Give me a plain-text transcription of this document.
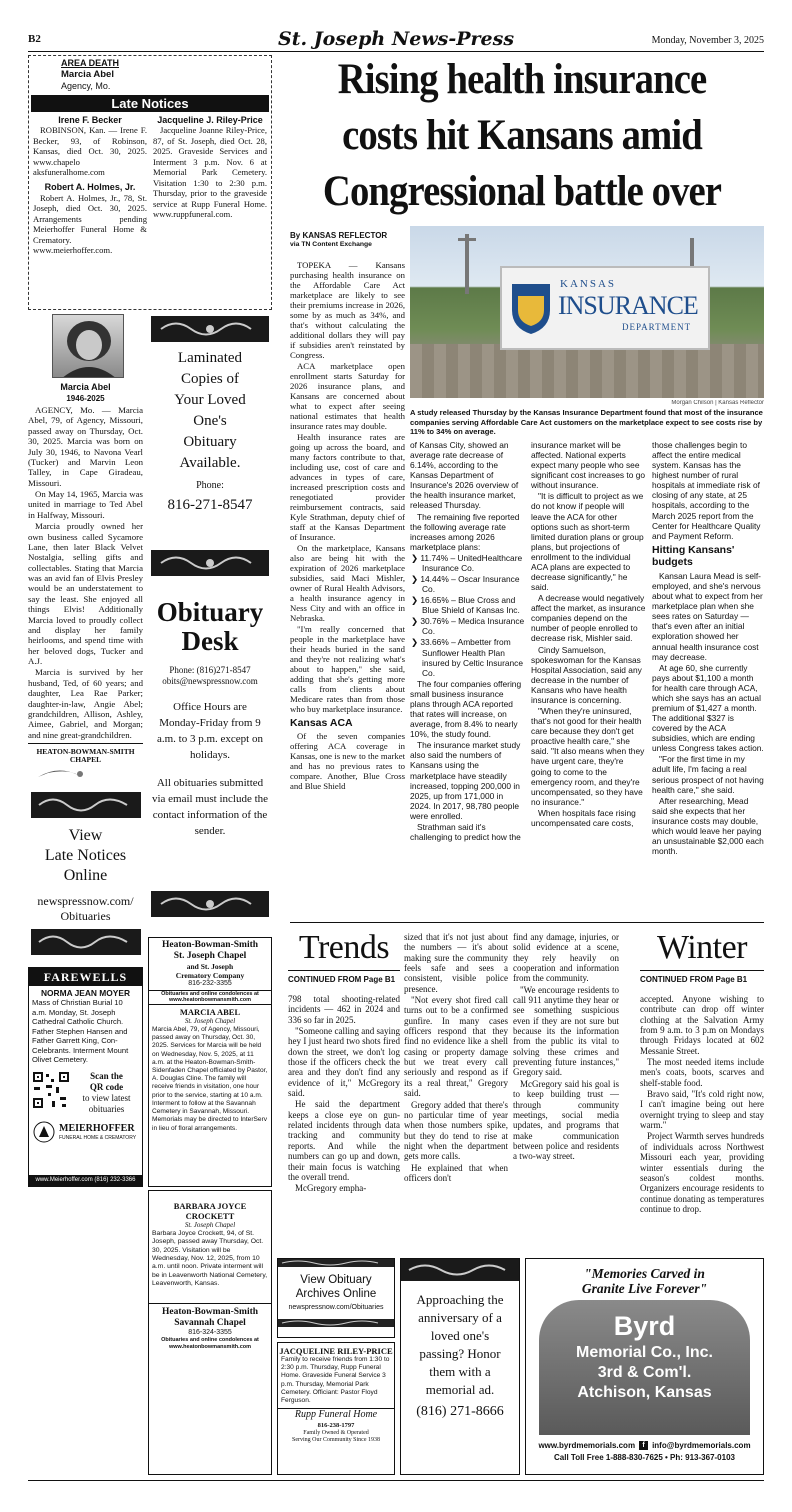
B2	St. Joseph News-Press	Monday, November 3, 2025
AREA DEATH
Marcia Abel
Agency, Mo.
Late Notices
Irene F. Becker

ROBINSON, Kan. — Irene F. Becker, 93, of Robinson, Kansas, died Oct. 30, 2025. www.chapelo aksfuneralhome.com

Robert A. Holmes, Jr.

Robert A. Holmes, Jr., 78, St. Joseph, died Oct. 30, 2025. Arrangements pending Meierhoffer Funeral Home & Crematory. www.meierhoffer.com.

Jacqueline J. Riley-Price

Jacqueline Joanne Riley-Price, 87, of St. Joseph, died Oct. 28, 2025. Graveside Services and Interment 3 p.m. Nov. 6 at Memorial Park Cemetery. Visitation 1:30 to 2:30 p.m. Thursday, prior to the graveside service at Rupp Funeral Home. www.ruppfuneral.com.

Marcia Abel
1946-2025

AGENCY, Mo. — Marcia Abel, 79, of Agency, Missouri, passed away on Thursday, Oct. 30, 2025. Marcia was born on July 30, 1946, to Navona Vearl (Tucker) and Marvin Leon Talley, in Cape Giradeau, Missouri.

On May 14, 1965, Marcia was united in marriage to Ted Abel in Halfway, Missouri.

Marcia proudly owned her own business called Sycamore Lane, then later Black Velvet Nostalgia, selling gifts and collectables. Stating that Marcia was an avid fan of Elvis Presley would be an understatement to say the least. She enjoyed all things Elvis! Additionally Marcia loved to proudly collect and display her family heirlooms, and spend time with her beloved dogs, Tucker and A.J.

Marcia is survived by her husband, Ted, of 60 years; and daughter, Lea Rae Parker; daughter-in-law, Angie Abel; grandchildren, Allison, Ashley, Aimee, Gabriel, and Morgan; and nine great-grandchildren.

HEATON-BOWMAN-SMITH CHAPEL
Laminated
Copies of
Your Loved
One's
Obituary
Available.
Phone:
816-271-8547
Obituary
Desk
Phone: (816)271-8547
obits@newspressnow.com
Office Hours are Monday-Friday from 9 a.m. to 3 p.m. except on holidays.
All obituaries submitted via email must include the contact information of the sender.
View
Late Notices
Online
newspressnow.com/
Obituaries
FAREWELLS
NORMA JEAN MOYER
Mass of Christian Burial 10 a.m. Monday, St. Joseph Cathedral Catholic Church. Father Stephen Hansen and Father Garrett King, Con-Celebrants. Interment Mount Olivet Cemetery.
Scan the
QR code
to view latest obituaries
MEIERHOFFER
FUNERAL HOME & CREMATORY
www.Meierhoffer.com (816) 232-3366
Heaton-Bowman-Smith
St. Joseph Chapel
and St. Joseph
Crematory Company
816-232-3355
Obituaries and online condolences at
www.heatonbowmansmith.com
MARCIA ABEL
St. Joseph Chapel
Marcia Abel, 79, of Agency, Missouri, passed away on Thursday, Oct. 30, 2025. Services for Marcia will be held on Wednesday, Nov. 5, 2025, at 11 a.m. at the Heaton-Bowman-Smith-Sidenfaden Chapel officiated by Pastor, A. Douglas Cline. The family will receive friends in visitation, one hour prior to the service, starting at 10 a.m. Interment to follow at the Savannah Cemetery in Savannah, Missouri. Memorials may be directed to InterServ in lieu of floral arrangements.
BARBARA JOYCE CROCKETT
St. Joseph Chapel
Barbara Joyce Crockett, 94, of St. Joseph, passed away Thursday, Oct. 30, 2025. Visitation will be Wednesday, Nov. 12, 2025, from 10 a.m. until noon. Private interment will be in Leavenworth National Cemetery, Leavenworth, Kansas.
Heaton-Bowman-Smith
Savannah Chapel
816-324-3355
Obituaries and online condolences at
www.heatonbowmansmith.com
View Obituary
Archives Online
newspressnow.com/Obituaries
JACQUELINE RILEY-PRICE
Family to receive friends from 1:30 to 2:30 p.m. Thursday, Rupp Funeral Home. Graveside Funeral Service 3 p.m. Thursday, Memorial Park Cemetery. Officiant: Pastor Floyd Ferguson.
Rupp Funeral Home
816-238-1797
Family Owned & Operated
Serving Our Community Since 1938
Approaching the anniversary of a loved one's passing? Honor them with a memorial ad.
(816) 271-8666
"Memories Carved in Granite Live Forever"
Byrd
Memorial Co., Inc.
3rd & Com'l.
Atchison, Kansas
www.byrdmemorials.com	f info@byrdmemorials.com
Call Toll Free 1-888-830-7625 • Ph: 913-367-0103
Rising health insurance costs hit Kansans amid Congressional battle over
By KANSAS REFLECTOR
via TN Content Exchange
KANSAS
INSURANCE
DEPARTMENT
Morgan Chilson | Kansas Reflector
A study released Thursday by the Kansas Insurance Department found that most of the insurance companies serving Affordable Care Act customers on the marketplace expect to see costs rise by 11% to 34% on average.

TOPEKA — Kansans purchasing health insurance on the Affordable Care Act marketplace are likely to see their premiums increase in 2026, some by as much as 34%, and that's without calculating the additional dollars they will pay if subsidies aren't reinstated by Congress.

ACA marketplace open enrollment starts Saturday for 2026 insurance plans, and Kansans are concerned about what to expect after seeing national estimates that health insurance rates may double.

Health insurance rates are going up across the board, and many factors contribute to that, including use, cost of care and advances in types of care, increased prescription costs and renegotiated provider reimbursement contracts, said Kyle Strathman, deputy chief of staff at the Kansas Department of Insurance.

On the marketplace, Kansans also are being hit with the expiration of 2026 marketplace subsidies, said Maci Mishler, owner of Rural Health Advisors, a health insurance agency in Ness City and with an office in Nebraska.

"I'm really concerned that people in the marketplace have their heads buried in the sand and they're not realizing what's about to happen," she said, adding that she's getting more calls from clients about Medicare rates than from those who buy marketplace insurance.

Kansas ACA

Of the seven companies offering ACA coverage in Kansas, one is new to the market and has no previous rates to compare. Another, Blue Cross and Blue Shield

of Kansas City, showed an average rate decrease of 6.14%, according to the Kansas Department of Insurance's 2026 overview of the health insurance market, released Thursday.

The remaining five reported the following average rate increases among 2026 marketplace plans:

❯ 11.74% – UnitedHealthcare Insurance Co.

❯ 14.44% – Oscar Insurance Co.

❯ 16.65% – Blue Cross and Blue Shield of Kansas Inc.

❯ 30.76% – Medica Insurance Co.

❯ 33.66% – Ambetter from Sunflower Health Plan insured by Celtic Insurance Co.

The four companies offering small business insurance plans through ACA reported that rates will increase, on average, from 8.4% to nearly 10%, the study found.

The insurance market study also said the numbers of Kansans using the marketplace have steadily increased, topping 200,000 in 2025, up from 171,000 in 2024. In 2017, 98,780 people were enrolled.

Strathman said it's challenging to predict how the

insurance market will be affected. National experts expect many people who see significant cost increases to go without insurance.

"It is difficult to project as we do not know if people will leave the ACA for other options such as short-term limited duration plans or group plans, but projections of enrollment to the individual ACA plans are expected to decrease significantly," he said.

A decrease would negatively affect the market, as insurance companies depend on the number of people enrolled to decrease risk, Mishler said.

Cindy Samuelson, spokeswoman for the Kansas Hospital Association, said any decrease in the number of Kansans who have health insurance is concerning.

"When they're uninsured, that's not good for their health care because they don't get proactive health care," she said. "It also means when they have urgent care, they're going to come to the emergency room, and they're uncompensated, so they have no insurance."

When hospitals face rising uncompensated care costs,

those challenges begin to affect the entire medical system. Kansas has the highest number of rural hospitals at immediate risk of closing of any state, at 25 hospitals, according to the March 2025 report from the Center for Healthcare Quality and Payment Reform.

Hitting Kansans' budgets

Kansan Laura Mead is self-employed, and she's nervous about what to expect from her marketplace plan when she sees rates on Saturday — that's even after an initial exploration showed her annual health insurance cost may decrease.

At age 60, she currently pays about $1,100 a month for health care through ACA, which she says has an actual premium of $1,427 a month. The additional $327 is covered by the ACA subsidies, which are ending unless Congress takes action.

"For the first time in my adult life, I'm facing a real serious prospect of not having health care," she said.

After researching, Mead said she expects that her insurance costs may double, which would leave her paying an unsustainable $2,000 each month.

Trends
CONTINUED FROM Page B1

798 total shooting-related incidents — 462 in 2024 and 336 so far in 2025.

"Someone calling and saying hey I just heard two shots fired down the street, we don't log those if the officers check the area and they don't find any evidence of it," McGregory said.

He said the department keeps a close eye on gun-related incidents through data tracking and community reports. And while the numbers can go up and down, their main focus is watching the overall trend.

McGregory empha-

sized that it's not just about the numbers — it's about making sure the community feels safe and sees a consistent, visible police presence.

"Not every shot fired call turns out to be a confirmed gunfire. In many cases officers respond that they find no evidence like a shell casing or property damage but we treat every call seriously and respond as if its a real threat," Gregory said.

Gregory added that there's no particular time of year when those numbers spike, but they do tend to rise at night when the department gets more calls.

He explained that when officers don't

find any damage, injuries, or solid evidence at a scene, they rely heavily on cooperation and information from the community.

"We encourage residents to call 911 anytime they hear or see something suspicious even if they are not sure but because its the information from the public its vital to solving these crimes and preventing future instances," Gregory said.

McGregory said his goal is to keep building trust — through community meetings, social media updates, and programs that make communication between police and residents a two-way street.

Winter
CONTINUED FROM Page B1

accepted. Anyone wishing to contribute can drop off winter clothing at the Salvation Army from 9 a.m. to 3 p.m on Mondays through Fridays located at 602 Messanie Street.

The most needed items include men's coats, boots, scarves and shelf-stable food.

Bravo said, "It's cold right now, I can't imagine being out here overnight trying to sleep and stay warm."

Project Warmth serves hundreds of individuals across Northwest Missouri each year, providing winter essentials during the season's coldest months. Organizers encourage residents to continue donating as temperatures continue to drop.
